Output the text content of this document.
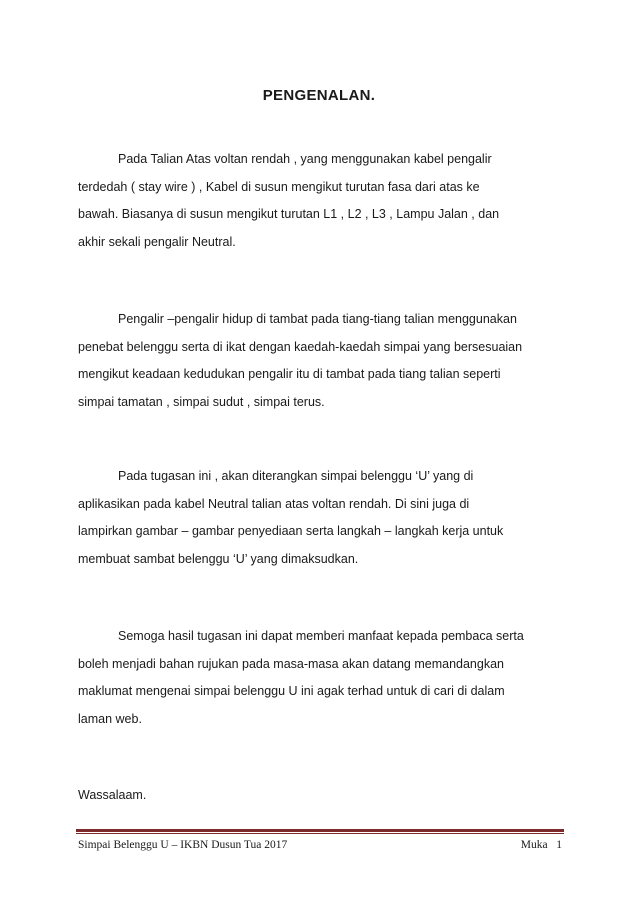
PENGENALAN.

Pada Talian Atas voltan rendah , yang menggunakan kabel pengalir
terdedah ( stay wire ) , Kabel di susun mengikut turutan fasa dari atas ke
bawah. Biasanya di susun mengikut turutan L1 , L2 , L3 , Lampu Jalan , dan
akhir sekali pengalir Neutral.

Pengalir –pengalir hidup di tambat pada tiang-tiang talian menggunakan
penebat belenggu serta di ikat dengan kaedah-kaedah simpai yang bersesuaian
mengikut keadaan kedudukan pengalir itu di tambat pada tiang talian seperti
simpai tamatan , simpai sudut , simpai terus.

Pada tugasan ini , akan diterangkan simpai belenggu ‘U’ yang di
aplikasikan pada kabel Neutral talian atas voltan rendah. Di sini juga di
lampirkan gambar – gambar penyediaan serta langkah – langkah kerja untuk
membuat sambat belenggu ‘U’ yang dimaksudkan.

Semoga hasil tugasan ini dapat memberi manfaat kepada pembaca serta
boleh menjadi bahan rujukan pada masa-masa akan datang memandangkan
maklumat mengenai simpai belenggu U ini agak terhad untuk di cari di dalam
laman web.

Wassalaam.

Simpai Belenggu U – IKBN Dusun Tua 2017	Muka 1
